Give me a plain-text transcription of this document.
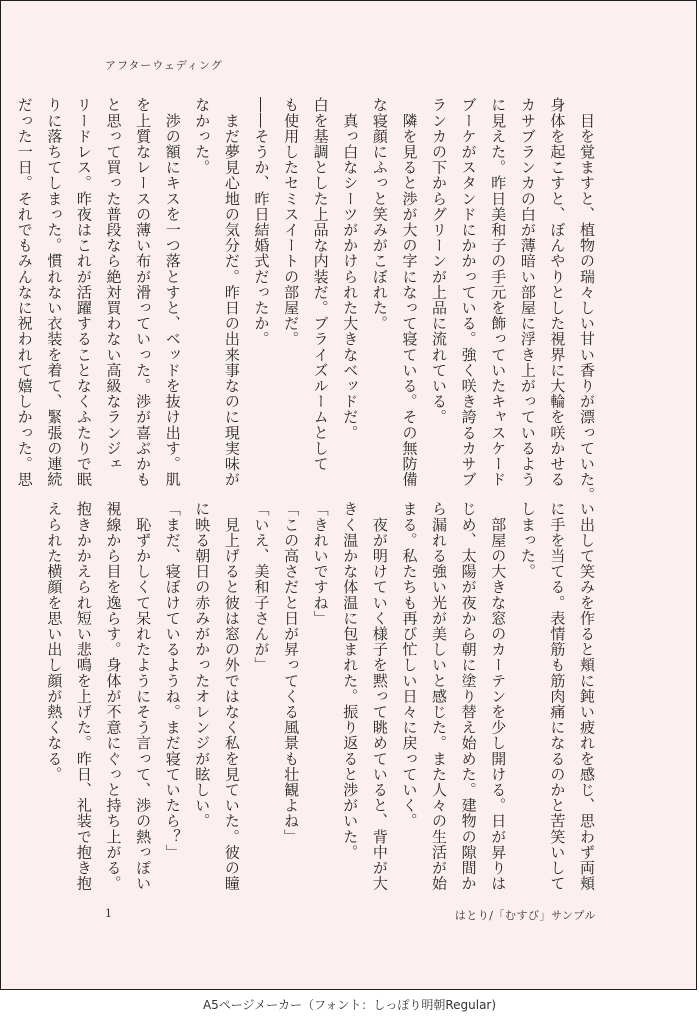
アフターウェディング
　目を覚ますと、植物の瑞々しい甘い香りが漂っていた。
身体を起こすと、ぼんやりとした視界に大輪を咲かせる
カサブランカの白が薄暗い部屋に浮き上がっているよう
に見えた。昨日美和子の手元を飾っていたキャスケード
ブーケがスタンドにかかっている。強く咲き誇るカサブ
ランカの下からグリーンが上品に流れている。
　隣を見ると渉が大の字になって寝ている。その無防備
な寝顔にふっと笑みがこぼれた。
　真っ白なシーツがかけられた大きなベッドだ。
白を基調とした上品な内装だ。ブライズルームとして
も使用したセミスイートの部屋だ。
――そうか、昨日結婚式だったか。
　まだ夢見心地の気分だ。昨日の出来事なのに現実味が
なかった。
　渉の額にキスを一つ落とすと、ベッドを抜け出す。肌
を上質なレースの薄い布が滑っていった。渉が喜ぶかも
と思って買った普段なら絶対買わない高級なランジェ
リードレス。昨夜はこれが活躍することなくふたりで眠
りに落ちてしまった。慣れない衣装を着て、緊張の連続
だった一日。それでもみんなに祝われて嬉しかった。思
い出して笑みを作ると頬に鈍い疲れを感じ、思わず両頬
に手を当てる。表情筋も筋肉痛になるのかと苦笑いして
しまった。
　部屋の大きな窓のカーテンを少し開ける。日が昇りは
じめ、太陽が夜から朝に塗り替え始めた。建物の隙間か
ら漏れる強い光が美しいと感じた。また人々の生活が始
まる。私たちも再び忙しい日々に戻っていく。
　夜が明けていく様子を黙って眺めていると、背中が大
きく温かな体温に包まれた。振り返ると渉がいた。
「きれいですね」
「この高さだと日が昇ってくる風景も壮観よね」
「いえ、美和子さんが」
　見上げると彼は窓の外ではなく私を見ていた。彼の瞳
に映る朝日の赤みがかったオレンジが眩しい。
「まだ、寝ぼけているようね。まだ寝ていたら？」
　恥ずかしくて呆れたようにそう言って、渉の熱っぽい
視線から目を逸らす。身体が不意にぐっと持ち上がる。
抱きかかえられ短い悲鳴を上げた。昨日、礼装で抱き抱
えられた横顔を思い出し顔が熱くなる。
1	はとり/「むすび」サンプル
A5ページメーカー（フォント：しっぽり明朝Regular)
